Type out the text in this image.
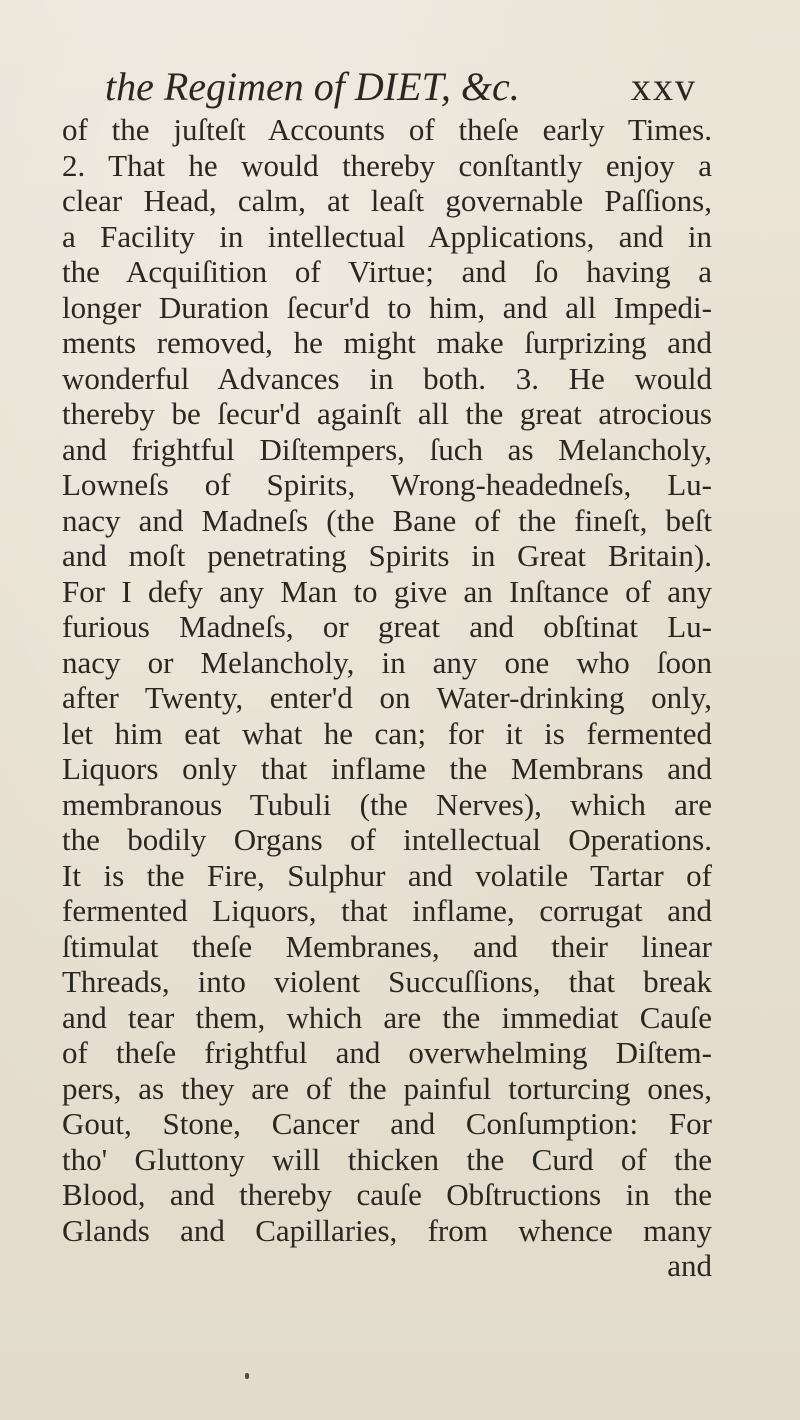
the Regimen of DIET, &c.	xxv
of the juſteſt Accounts of theſe early Times.
2. That he would thereby conſtantly enjoy a
clear Head, calm, at leaſt governable Paſſions,
a Facility in intellectual Applications, and in
the Acquiſition of Virtue; and ſo having a
longer Duration ſecur'd to him, and all Impedi-
ments removed, he might make ſurprizing and
wonderful Advances in both. 3. He would
thereby be ſecur'd againſt all the great atrocious
and frightful Diſtempers, ſuch as Melancholy,
Lowneſs of Spirits, Wrong-headedneſs, Lu-
nacy and Madneſs (the Bane of the fineſt, beſt
and moſt penetrating Spirits in Great Britain).
For I defy any Man to give an Inſtance of any
furious Madneſs, or great and obſtinat Lu-
nacy or Melancholy, in any one who ſoon
after Twenty, enter'd on Water-drinking only,
let him eat what he can; for it is fermented
Liquors only that inflame the Membrans and
membranous Tubuli (the Nerves), which are
the bodily Organs of intellectual Operations.
It is the Fire, Sulphur and volatile Tartar of
fermented Liquors, that inflame, corrugat and
ſtimulat theſe Membranes, and their linear
Threads, into violent Succuſſions, that break
and tear them, which are the immediat Cauſe
of theſe frightful and overwhelming Diſtem-
pers, as they are of the painful torturcing ones,
Gout, Stone, Cancer and Conſumption: For
tho' Gluttony will thicken the Curd of the
Blood, and thereby cauſe Obſtructions in the
Glands and Capillaries, from whence many
and
